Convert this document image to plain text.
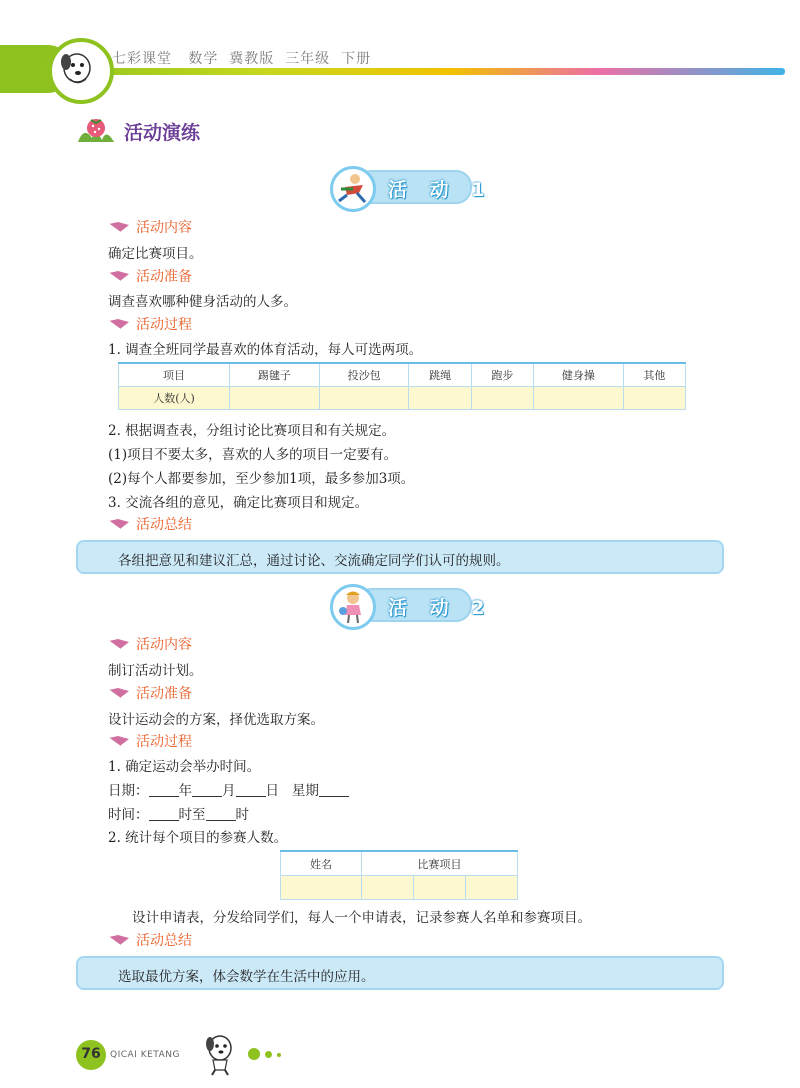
七彩课堂 数学 冀教版 三年级 下册
活动演练
活 动 1
活动内容
确定比赛项目。
活动准备
调查喜欢哪种健身活动的人多。
活动过程
1. 调查全班同学最喜欢的体育活动，每人可选两项。
项目	踢毽子	投沙包	跳绳	跑步	健身操	其他
人数(人)						
2. 根据调查表，分组讨论比赛项目和有关规定。
(1)项目不要太多，喜欢的人多的项目一定要有。
(2)每个人都要参加，至少参加1项，最多参加3项。
3. 交流各组的意见，确定比赛项目和规定。
活动总结
各组把意见和建议汇总，通过讨论、交流确定同学们认可的规则。
活 动 2
活动内容
制订活动计划。
活动准备
设计运动会的方案，择优选取方案。
活动过程
1. 确定运动会举办时间。
日期： 年 月 日 星期
时间： 时至 时
2. 统计每个项目的参赛人数。
姓名	比赛项目		

设计申请表，分发给同学们，每人一个申请表，记录参赛人名单和参赛项目。
活动总结
选取最优方案，体会数学在生活中的应用。
76	QICAI KETANG
